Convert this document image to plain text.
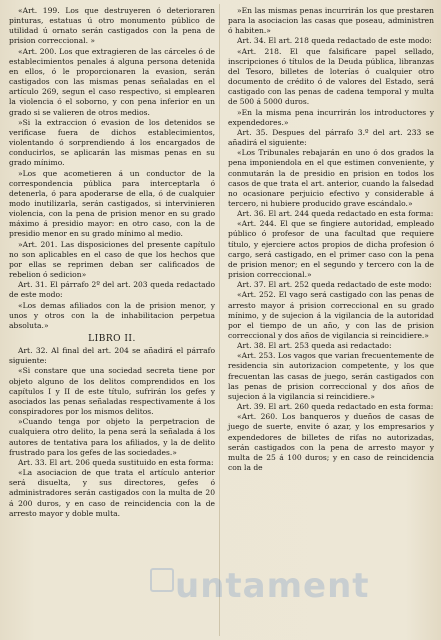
«Art. 199. Los que destruyeren ó deterioraren pinturas, estatuas ú otro monumento público de utilidad ú ornato serán castigados con la pena de prision correccional. »

«Art. 200. Los que extragieren de las cárceles ó de establecimientos penales á alguna persona detenida en ellos, ó le proporcionaren la evasion, serán castigados con las mismas penas señaladas en el artículo 269, segun el caso respectivo, si emplearen la violencia ó el soborno, y con pena inferior en un grado si se valieren de otros medios.

»Si la extraccion ó evasion de los detenidos se verificase fuera de dichos establecimientos, violentando ó sorprendiendo á los encargados de conducirlos, se aplicarán las mismas penas en su grado mínimo.

»Los que acometieren á un conductor de la correspondencia pública para interceptarla ó detenerla, ó para apoderarse de ella, ó de cualquier modo inutilizarla, serán castigados, si intervinieren violencia, con la pena de prision menor en su grado máximo á presidio mayor: en otro caso, con la de presidio menor en su grado mínimo al medio.

»Art. 201. Las disposiciones del presente capítulo no son aplicables en el caso de que los hechos que por ellas se reprimen deban ser calificados de rebelion ó sedicion»

Art. 31. El párrafo 2º del art. 203 queda redactado de este modo:

«Los demas afiliados con la de prision menor, y unos y otros con la de inhabilitacion perpetua absoluta.»

LIBRO II.

Art. 32. Al final del art. 204 se añadirá el párrafo siguiente:

«Si constare que una sociedad secreta tiene por objeto alguno de los delitos comprendidos en los capítulos I y II de este título, sufrirán los gefes y asociados las penas señaladas respectivamente á los conspiradores por los mismos delitos.

»Cuando tenga por objeto la perpetracion de cualquiera otro delito, la pena será la señalada á los autores de tentativa para los afiliados, y la de delito frustrado para los gefes de las sociedades.»

Art. 33. El art. 206 queda sustituido en esta forma:

«La asociacion de que trata el artículo anterior será disuelta, y sus directores, gefes ó administradores serán castigados con la multa de 20 á 200 duros, y en caso de reincidencia con la de arresto mayor y doble multa.

»En las mismas penas incurrirán los que prestaren para la asociacion las casas que poseau, administren ó habiten.»

Art. 34. El art. 218 queda redactado de este modo:

«Art. 218. El que falsificare papel sellado, inscripciones ó títulos de la Deuda pública, libranzas del Tesoro, billetes de loterías ó cualquier otro documento de crédito ó de valores del Estado, será castigado con las penas de cadena temporal y multa de 500 á 5000 duros.

»En la misma pena incurrirán los introductores y expendedores.»

Art. 35. Despues del párrafo 3.º del art. 233 se añadirá el siguiente:

«Los Tribunales rebajarán en uno ó dos grados la pena imponiendola en el que estimen conveniente, y conmutarán la de presidio en prision en todos los casos de que trata el art. anterior, cuando la falsedad no ocasionare perjuicio efectivo y considerable á tercero, ni hubiere producido grave escándalo.»

Art. 36. El art. 244 queda redactado en esta forma:

«Art. 244. El que se fingiere autoridad, empleado público ó profesor de una facultad que requiere título, y ejerciere actos propios de dicha profesion ó cargo, será castigado, en el primer caso con la pena de prision menor; en el segundo y tercero con la de prision correccional.»

Art. 37. El art. 252 queda redactado de este modo:

«Art. 252. El vago será castigado con las penas de arresto mayor á prision correccional en su grado mínimo, y de sujecion á la vigilancia de la autoridad por el tiempo de un año, y con las de prision correccional y dos años de vigilancia si reincidiere.»

Art. 38. El art. 253 queda asi redactado:

«Art. 253. Los vagos que varian frecuentemente de residencia sin autorizacion competente, y los que frecuentan las casas de juego, serán castigados con las penas de prision correccional y dos años de sujecion á la vigilancia si reincidiere.»

Art. 39. El art. 260 queda redactado en esta forma:

«Art. 260. Los banqueros y dueños de casas de juego de suerte, envite ó azar, y los empresarios y expendedores de billetes de rifas no autorizadas, serán castigados con la pena de arresto mayor y multa de 25 á 100 duros; y en caso de reincidencia con la de

untament
